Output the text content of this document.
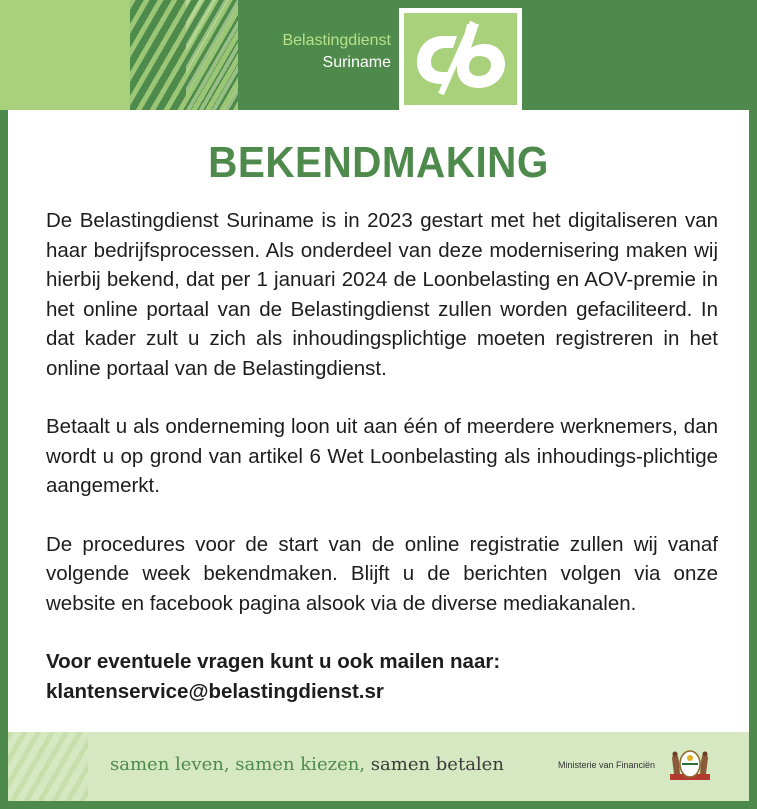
Belastingdienst
Suriname
BEKENDMAKING

De Belastingdienst Suriname is in 2023 gestart met het digitaliseren van haar bedrijfsprocessen. Als onderdeel van deze modernisering maken wij hierbij bekend, dat per 1 januari 2024 de Loonbelasting en AOV-premie in het online portaal van de Belastingdienst zullen worden gefaciliteerd. In dat kader zult u zich als inhoudingsplichtige moeten registreren in het online portaal van de Belastingdienst.

Betaalt u als onderneming loon uit aan één of meerdere werknemers, dan wordt u op grond van artikel 6 Wet Loonbelasting als inhoudings-plichtige aangemerkt.

De procedures voor de start van de online registratie zullen wij vanaf volgende week bekendmaken. Blijft u de berichten volgen via onze website en facebook pagina alsook via de diverse mediakanalen.

Voor eventuele vragen kunt u ook mailen naar:

klantenservice@belastingdienst.sr

samen leven, samen kiezen, samen betalen	Ministerie van Financiën
